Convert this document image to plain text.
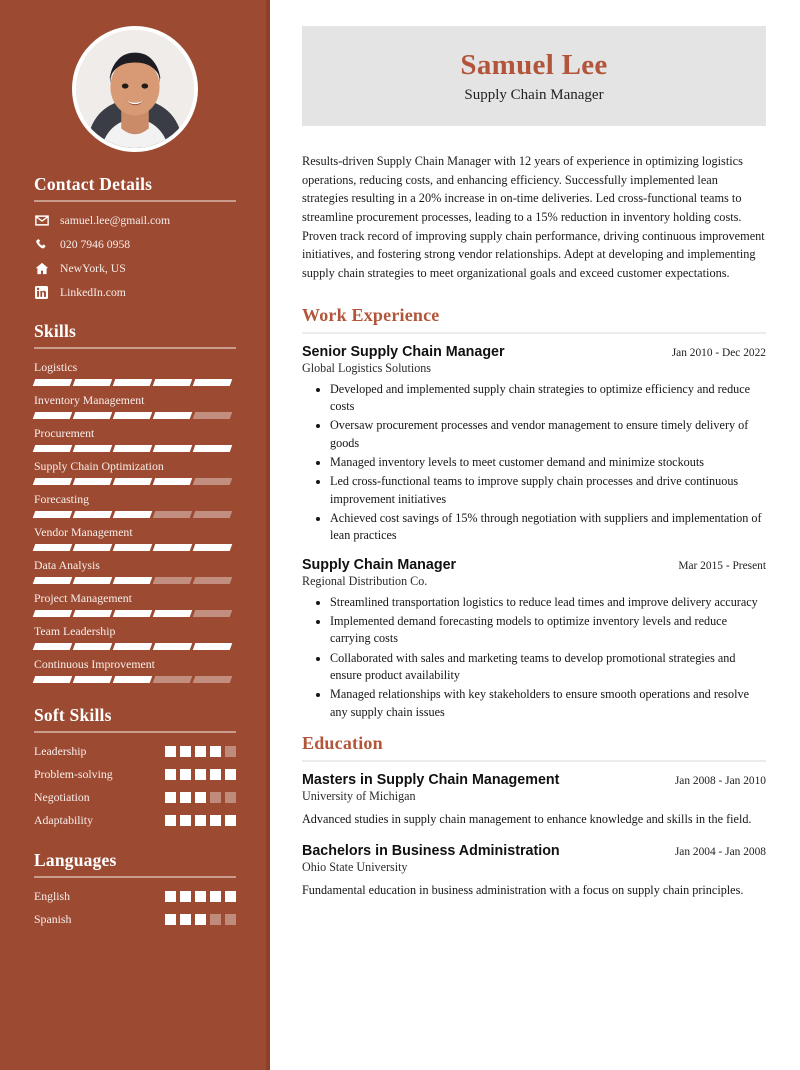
Contact Details
samuel.lee@gmail.com
020 7946 0958
NewYork, US
LinkedIn.com
Skills
Logistics
Inventory Management
Procurement
Supply Chain Optimization
Forecasting
Vendor Management
Data Analysis
Project Management
Team Leadership
Continuous Improvement
Soft Skills
Leadership
Problem-solving
Negotiation
Adaptability
Languages
English
Spanish
Samuel Lee
Supply Chain Manager

Results-driven Supply Chain Manager with 12 years of experience in optimizing logistics operations, reducing costs, and enhancing efficiency. Successfully implemented lean strategies resulting in a 20% increase in on-time deliveries. Led cross-functional teams to streamline procurement processes, leading to a 15% reduction in inventory holding costs. Proven track record of improving supply chain performance, driving continuous improvement initiatives, and fostering strong vendor relationships. Adept at developing and implementing supply chain strategies to meet organizational goals and exceed customer expectations.

Work Experience
Senior Supply Chain Manager	Jan 2010 - Dec 2022
Global Logistics Solutions
• Developed and implemented supply chain strategies to optimize efficiency and reduce costs
• Oversaw procurement processes and vendor management to ensure timely delivery of goods
• Managed inventory levels to meet customer demand and minimize stockouts
• Led cross-functional teams to improve supply chain processes and drive continuous improvement initiatives
• Achieved cost savings of 15% through negotiation with suppliers and implementation of lean practices
Supply Chain Manager	Mar 2015 - Present
Regional Distribution Co.
• Streamlined transportation logistics to reduce lead times and improve delivery accuracy
• Implemented demand forecasting models to optimize inventory levels and reduce carrying costs
• Collaborated with sales and marketing teams to develop promotional strategies and ensure product availability
• Managed relationships with key stakeholders to ensure smooth operations and resolve any supply chain issues
Education
Masters in Supply Chain Management	Jan 2008 - Jan 2010
University of Michigan
Advanced studies in supply chain management to enhance knowledge and skills in the field.
Bachelors in Business Administration	Jan 2004 - Jan 2008
Ohio State University
Fundamental education in business administration with a focus on supply chain principles.
